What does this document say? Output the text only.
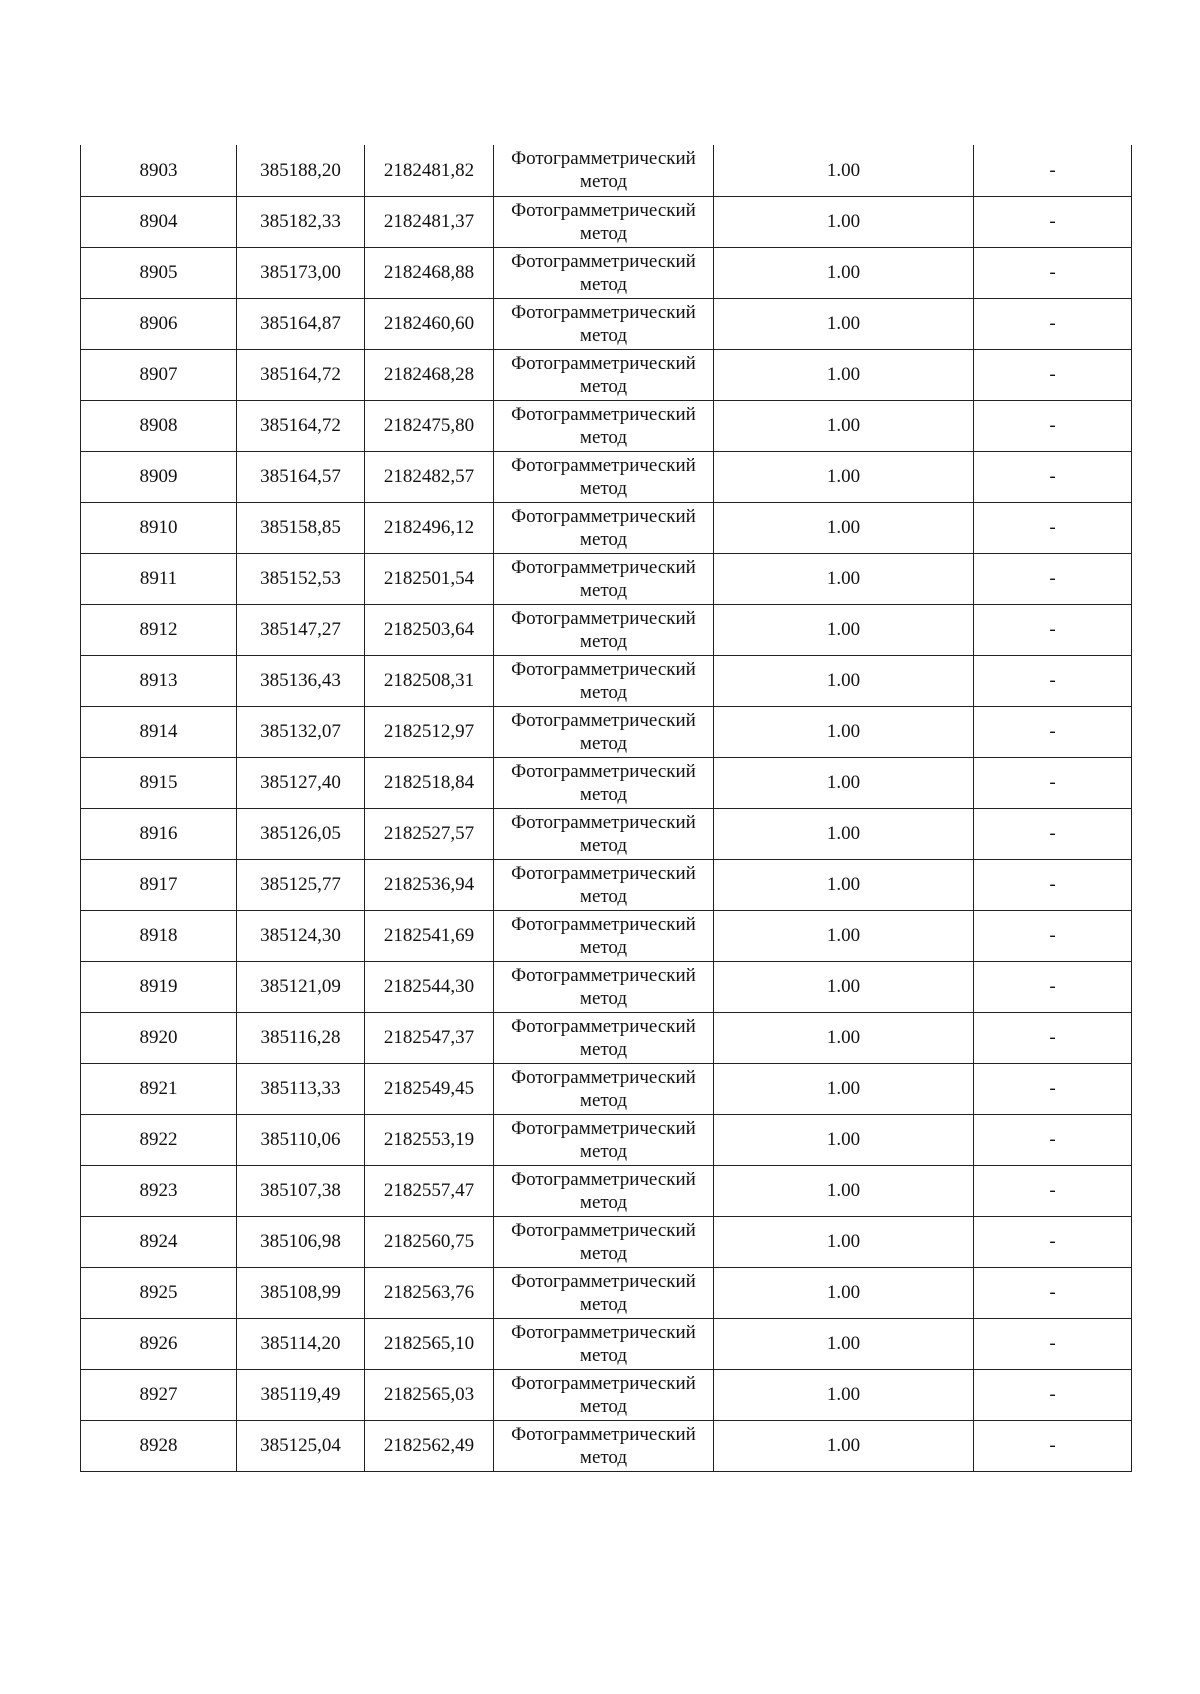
8903	385188,20	2182481,82	Фотограмметрический метод	1.00	-
8904	385182,33	2182481,37	Фотограмметрический метод	1.00	-
8905	385173,00	2182468,88	Фотограмметрический метод	1.00	-
8906	385164,87	2182460,60	Фотограмметрический метод	1.00	-
8907	385164,72	2182468,28	Фотограмметрический метод	1.00	-
8908	385164,72	2182475,80	Фотограмметрический метод	1.00	-
8909	385164,57	2182482,57	Фотограмметрический метод	1.00	-
8910	385158,85	2182496,12	Фотограмметрический метод	1.00	-
8911	385152,53	2182501,54	Фотограмметрический метод	1.00	-
8912	385147,27	2182503,64	Фотограмметрический метод	1.00	-
8913	385136,43	2182508,31	Фотограмметрический метод	1.00	-
8914	385132,07	2182512,97	Фотограмметрический метод	1.00	-
8915	385127,40	2182518,84	Фотограмметрический метод	1.00	-
8916	385126,05	2182527,57	Фотограмметрический метод	1.00	-
8917	385125,77	2182536,94	Фотограмметрический метод	1.00	-
8918	385124,30	2182541,69	Фотограмметрический метод	1.00	-
8919	385121,09	2182544,30	Фотограмметрический метод	1.00	-
8920	385116,28	2182547,37	Фотограмметрический метод	1.00	-
8921	385113,33	2182549,45	Фотограмметрический метод	1.00	-
8922	385110,06	2182553,19	Фотограмметрический метод	1.00	-
8923	385107,38	2182557,47	Фотограмметрический метод	1.00	-
8924	385106,98	2182560,75	Фотограмметрический метод	1.00	-
8925	385108,99	2182563,76	Фотограмметрический метод	1.00	-
8926	385114,20	2182565,10	Фотограмметрический метод	1.00	-
8927	385119,49	2182565,03	Фотограмметрический метод	1.00	-
8928	385125,04	2182562,49	Фотограмметрический метод	1.00	-
